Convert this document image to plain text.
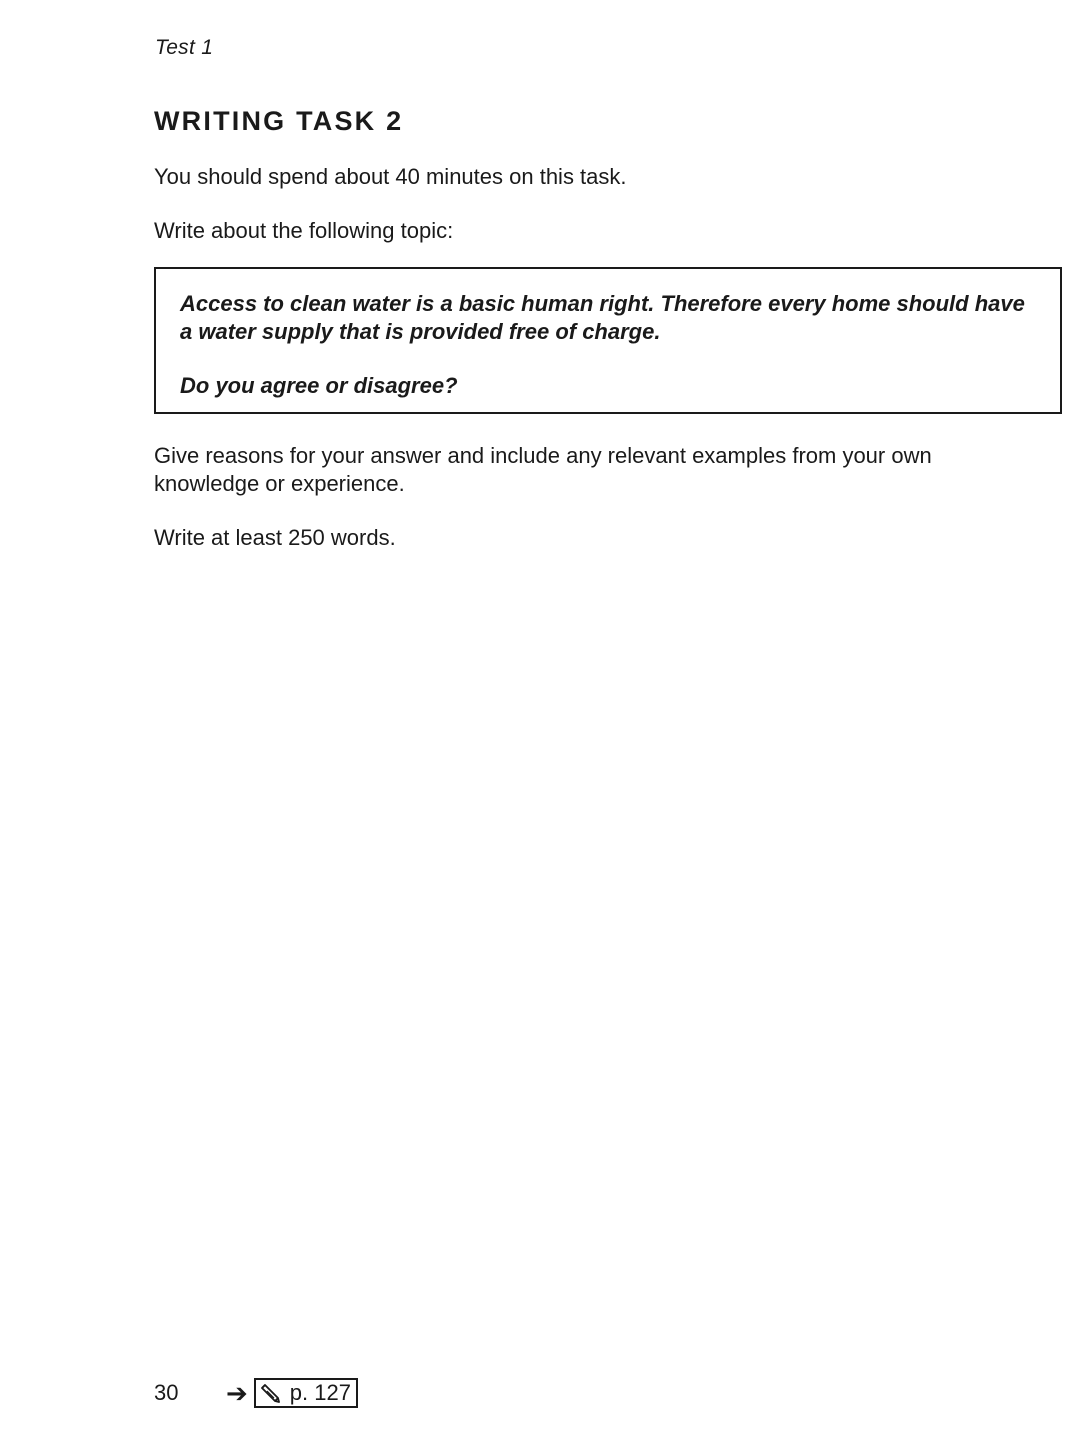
Test 1
WRITING TASK 2

You should spend about 40 minutes on this task.

Write about the following topic:

Access to clean water is a basic human right. Therefore every home should have a water supply that is provided free of charge.

Do you agree or disagree?

Give reasons for your answer and include any relevant examples from your own knowledge or experience.

Write at least 250 words.

30	➔ p. 127
